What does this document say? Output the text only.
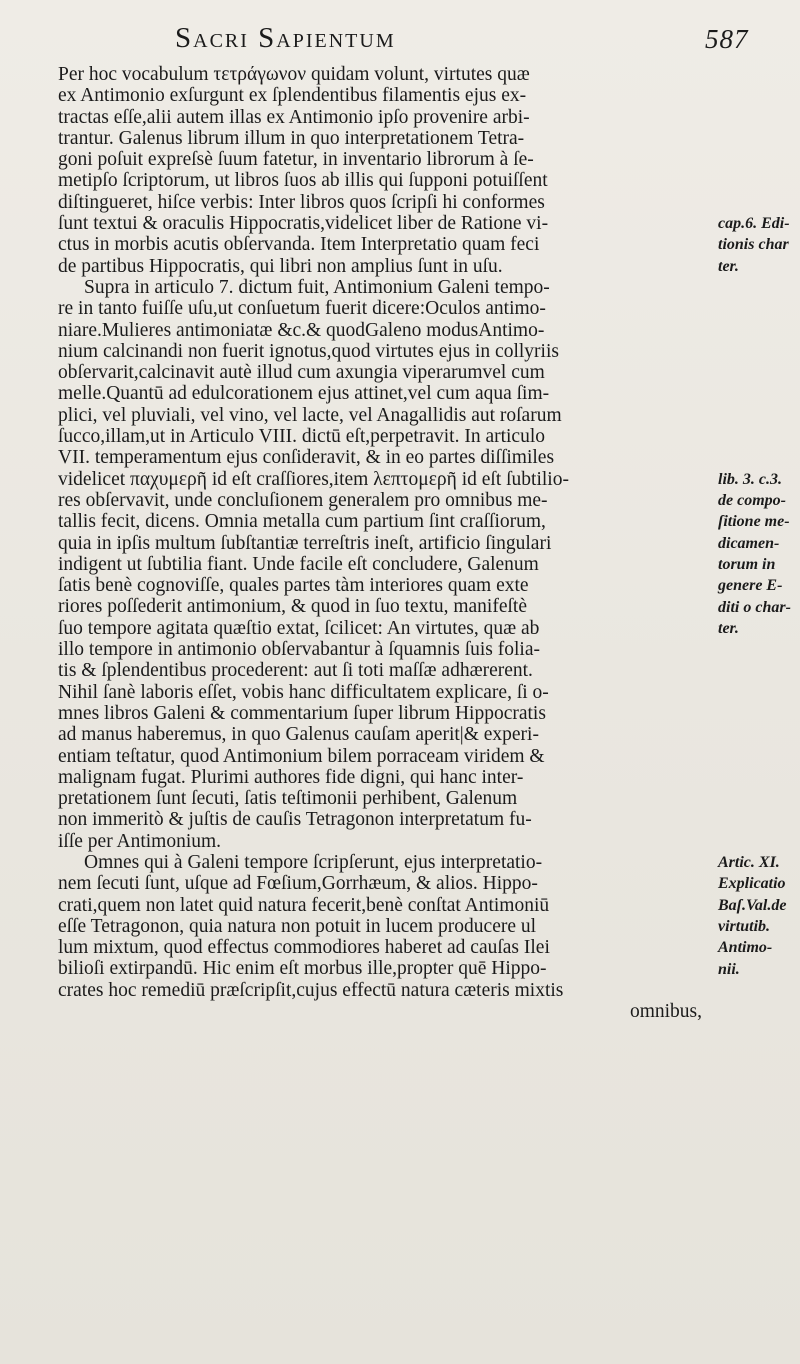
Sacri Sapientum	587
Per hoc vocabulum τετράγωνον quidam volunt, virtutes quæ
ex Antimonio exſurgunt ex ſplendentibus filamentis ejus ex-
tractas eſſe,alii autem illas ex Antimonio ipſo provenire arbi-
trantur. Galenus librum illum in quo interpretationem Tetra-
goni poſuit expreſsè ſuum fatetur, in inventario librorum à ſe-
metipſo ſcriptorum, ut libros ſuos ab illis qui ſupponi potuiſſent
diſtingueret, hiſce verbis: Inter libros quos ſcripſi hi conformes
ſunt textui & oraculis Hippocratis,videlicet liber de Ratione vi-
ctus in morbis acutis obſervanda. Item Interpretatio quam feci
de partibus Hippocratis, qui libri non amplius ſunt in uſu.
Supra in articulo 7. dictum fuit, Antimonium Galeni tempo-
re in tanto fuiſſe uſu,ut conſuetum fuerit dicere:Oculos antimo-
niare.Mulieres antimoniatæ &c.& quodGaleno modusAntimo-
nium calcinandi non fuerit ignotus,quod virtutes ejus in collyriis
obſervarit,calcinavit autè illud cum axungia viperarumvel cum
melle.Quantū ad edulcorationem ejus attinet,vel cum aqua ſim-
plici, vel pluviali, vel vino, vel lacte, vel Anagallidis aut roſarum
ſucco,illam,ut in Articulo VIII. dictū eſt,perpetravit. In articulo
VII. temperamentum ejus conſideravit, & in eo partes diſſimiles
videlicet παχυμερῆ id eſt craſſiores,item λεπτομερῆ id eſt ſubtilio-
res obſervavit, unde concluſionem generalem pro omnibus me-
tallis fecit, dicens. Omnia metalla cum partium ſint craſſiorum,
quia in ipſis multum ſubſtantiæ terreſtris ineſt, artificio ſingulari
indigent ut ſubtilia fiant. Unde facile eſt concludere, Galenum
ſatis benè cognoviſſe, quales partes tàm interiores quam exte
riores poſſederit antimonium, & quod in ſuo textu, manifeſtè
ſuo tempore agitata quæſtio extat, ſcilicet: An virtutes, quæ ab
illo tempore in antimonio obſervabantur à ſquamnis ſuis folia-
tis & ſplendentibus procederent: aut ſi toti maſſæ adhærerent.
Nihil ſanè laboris eſſet, vobis hanc difficultatem explicare, ſi o-
mnes libros Galeni & commentarium ſuper librum Hippocratis
ad manus haberemus, in quo Galenus cauſam aperit|& experi-
entiam teſtatur, quod Antimonium bilem porraceam viridem &
malignam fugat. Plurimi authores fide digni, qui hanc inter-
pretationem ſunt ſecuti, ſatis teſtimonii perhibent, Galenum
non immeritò & juſtis de cauſis Tetragonon interpretatum fu-
iſſe per Antimonium.
Omnes qui à Galeni tempore ſcripſerunt, ejus interpretatio-
nem ſecuti ſunt, uſque ad Fœſium,Gorrhæum, & alios. Hippo-
crati,quem non latet quid natura fecerit,benè conſtat Antimoniū
eſſe Tetragonon, quia natura non potuit in lucem producere ul
lum mixtum, quod effectus commodiores haberet ad cauſas Ilei
bilioſi extirpandū. Hic enim eſt morbus ille,propter quē Hippo-
crates hoc remediū præſcripſit,cujus effectū natura cæteris mixtis
omnibus,
cap.6. Edi-
tionis char
ter.
lib. 3. c.3.
de compo-
ſitione me-
dicamen-
torum in
genere E-
diti o char-
ter.
Artic. XI.
Explicatio
Baſ.Val.de
virtutib.
Antimo-
nii.
